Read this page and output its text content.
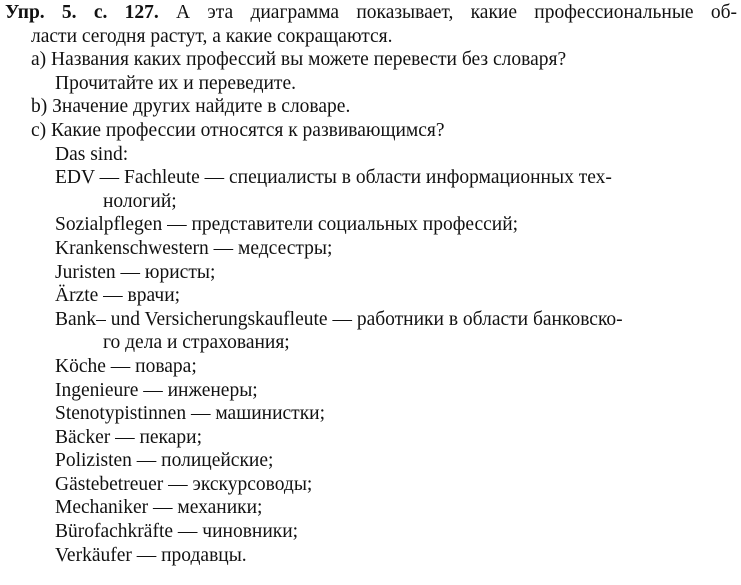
Упр. 5. с. 127. А эта диаграмма показывает, какие профессиональные об-
ласти сегодня растут, а какие сокращаются.
а) Названия каких профессий вы можете перевести без словаря?
Прочитайте их и переведите.
b) Значение других найдите в словаре.
c) Какие профессии относятся к развивающимся?
Das sind:
EDV — Fachleute — специалисты в области информационных тех-
нологий;
Sozialpflegen — представители социальных профессий;
Krankenschwestern — медсестры;
Juristen — юристы;
Ärzte — врачи;
Bank– und Versicherungskaufleute — работники в области банковско-
го дела и страхования;
Köche — повара;
Ingenieure — инженеры;
Stenotypistinnen — машинистки;
Bäcker — пекари;
Polizisten — полицейские;
Gästebetreuer — экскурсоводы;
Mechaniker — механики;
Bürofachkräfte — чиновники;
Verkäufer — продавцы.
